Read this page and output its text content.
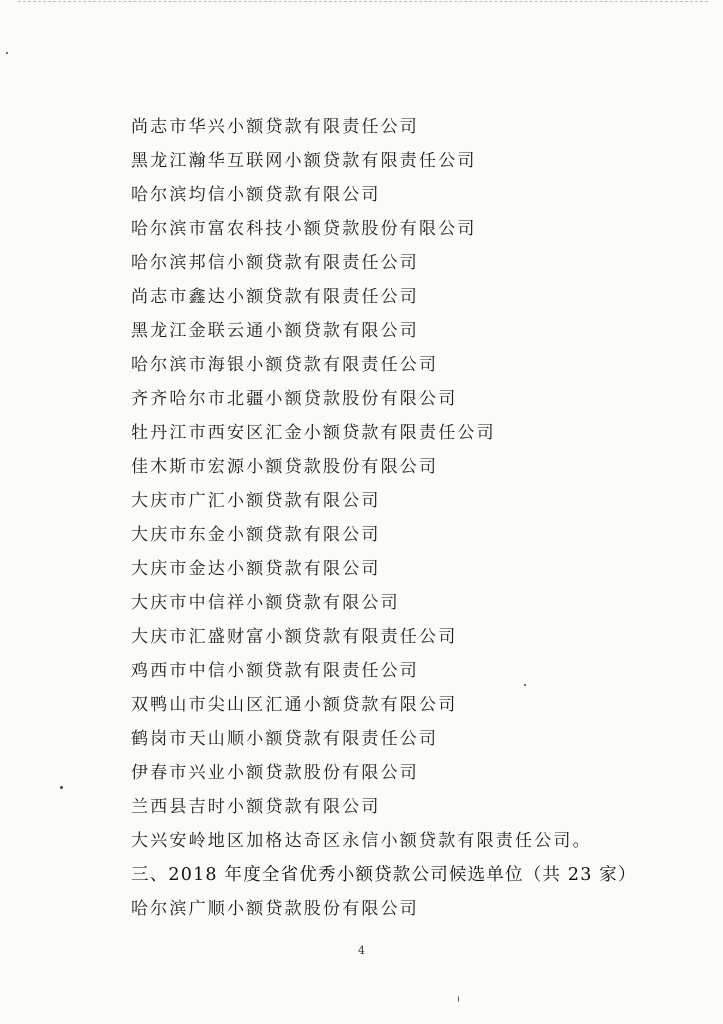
尚志市华兴小额贷款有限责任公司
黑龙江瀚华互联网小额贷款有限责任公司
哈尔滨均信小额贷款有限公司
哈尔滨市富农科技小额贷款股份有限公司
哈尔滨邦信小额贷款有限责任公司
尚志市鑫达小额贷款有限责任公司
黑龙江金联云通小额贷款有限公司
哈尔滨市海银小额贷款有限责任公司
齐齐哈尔市北疆小额贷款股份有限公司
牡丹江市西安区汇金小额贷款有限责任公司
佳木斯市宏源小额贷款股份有限公司
大庆市广汇小额贷款有限公司
大庆市东金小额贷款有限公司
大庆市金达小额贷款有限公司
大庆市中信祥小额贷款有限公司
大庆市汇盛财富小额贷款有限责任公司
鸡西市中信小额贷款有限责任公司
双鸭山市尖山区汇通小额贷款有限公司
鹤岗市天山顺小额贷款有限责任公司
伊春市兴业小额贷款股份有限公司
兰西县吉时小额贷款有限公司
大兴安岭地区加格达奇区永信小额贷款有限责任公司。
三、2018 年度全省优秀小额贷款公司候选单位（共 23 家）
哈尔滨广顺小额贷款股份有限公司
4
